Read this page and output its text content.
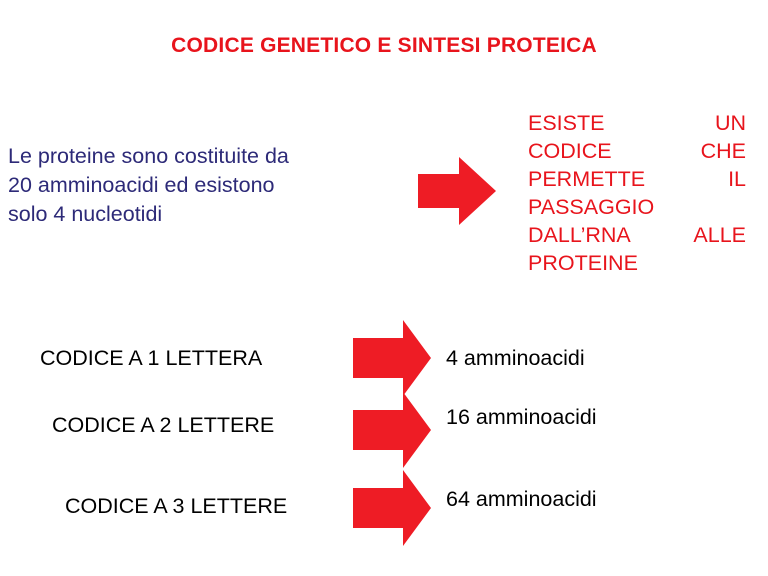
CODICE GENETICO E SINTESI PROTEICA
Le proteine sono costituite da
20 amminoacidi ed esistono
solo 4 nucleotidi
ESISTE	UN
CODICE	CHE
PERMETTE	IL
PASSAGGIO
DALL’RNA	ALLE
PROTEINE
CODICE A 1 LETTERA	4 amminoacidi
CODICE A 2 LETTERE	16 amminoacidi
CODICE A 3 LETTERE	64 amminoacidi
